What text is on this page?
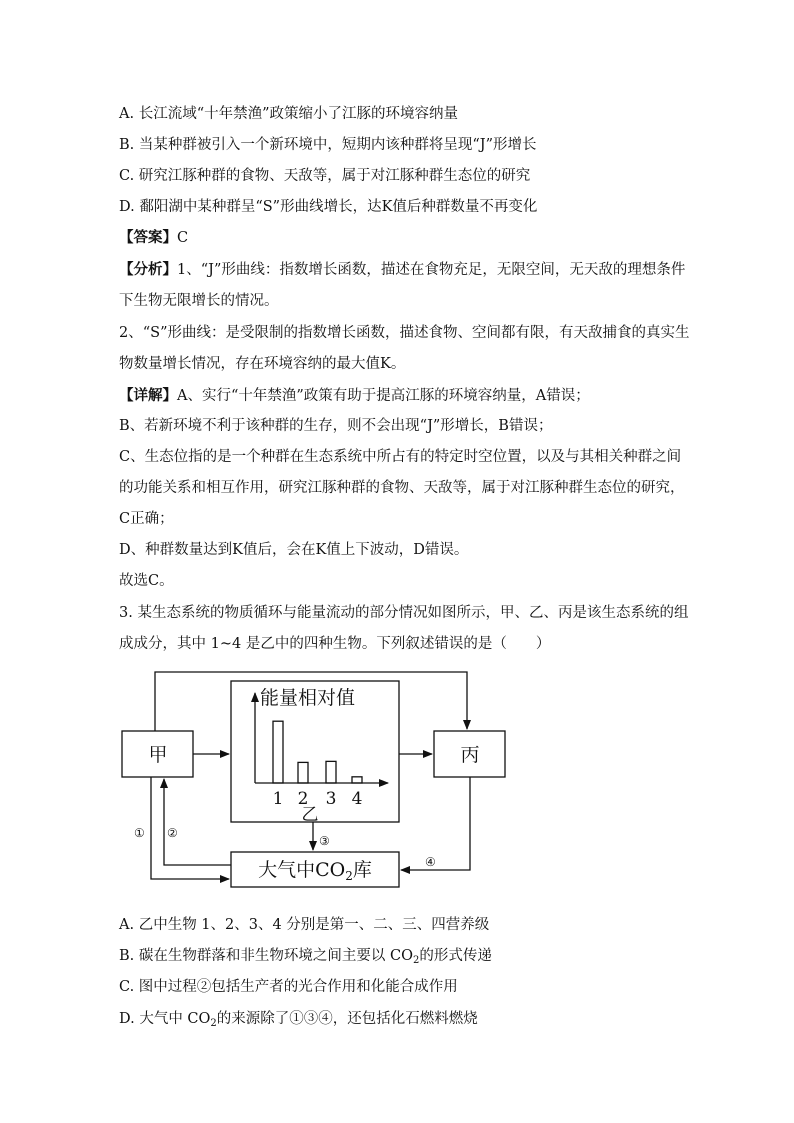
A. 长江流域“十年禁渔”政策缩小了江豚的环境容纳量
B. 当某种群被引入一个新环境中，短期内该种群将呈现“J”形增长
C. 研究江豚种群的食物、天敌等，属于对江豚种群生态位的研究
D. 鄱阳湖中某种群呈“S”形曲线增长，达K值后种群数量不再变化
【答案】C
【分析】1、“J”形曲线：指数增长函数，描述在食物充足，无限空间，无天敌的理想条件
下生物无限增长的情况。
2、“S”形曲线：是受限制的指数增长函数，描述食物、空间都有限，有天敌捕食的真实生
物数量增长情况，存在环境容纳的最大值K。
【详解】A、实行“十年禁渔”政策有助于提高江豚的环境容纳量，A错误；
B、若新环境不利于该种群的生存，则不会出现“J”形增长，B错误；
C、生态位指的是一个种群在生态系统中所占有的特定时空位置，以及与其相关种群之间
的功能关系和相互作用，研究江豚种群的食物、天敌等，属于对江豚种群生态位的研究，
C正确；
D、种群数量达到K值后，会在K值上下波动，D错误。
故选C。
3. 某生态系统的物质循环与能量流动的部分情况如图所示，甲、乙、丙是该生态系统的组
成成分，其中 1~4 是乙中的四种生物。下列叙述错误的是（　　）
1 2 3 4
能量相对值
乙
甲	丙
大气中$CO_2$库
① ②
③
④
A. 乙中生物 1、2、3、4 分别是第一、二、三、四营养级
B. 碳在生物群落和非生物环境之间主要以 $CO_2$的形式传递
C. 图中过程②包括生产者的光合作用和化能合成作用
D. 大气中 $CO_2$的来源除了①③④，还包括化石燃料燃烧
